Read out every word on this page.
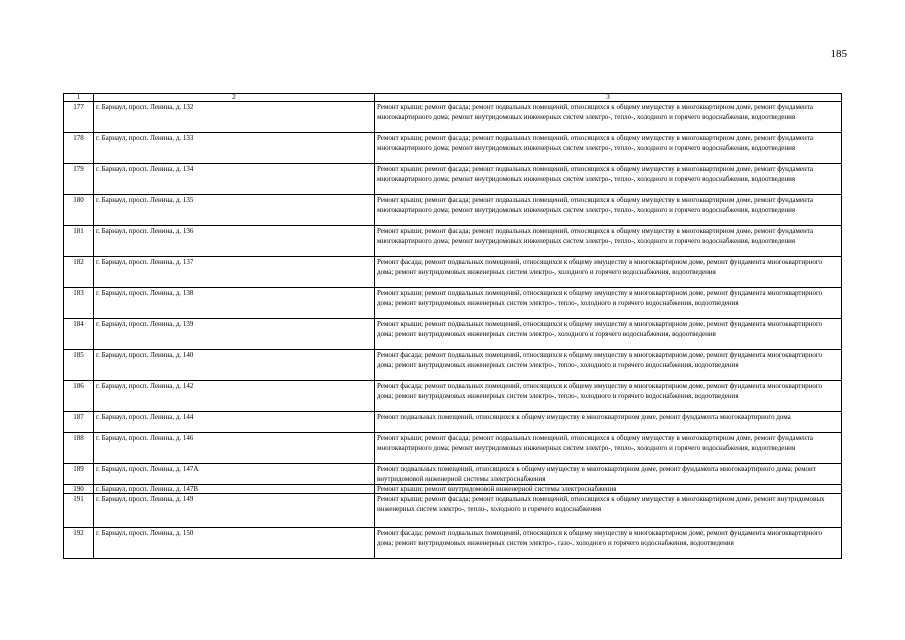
185
1	2	3
177	г. Барнаул, просп. Ленина, д. 132	Ремонт крыши; ремонт фасада; ремонт подвальных помещений, относящихся к общему имуществу в многоквартирном доме, ремонт фундамента многоквартирного дома; ремонт внутридомовых инженерных систем электро-, тепло-, холодного и горячего водоснабжения, водоотведения
178	г. Барнаул, просп. Ленина, д. 133	Ремонт крыши; ремонт фасада; ремонт подвальных помещений, относящихся к общему имуществу в многоквартирном доме, ремонт фундамента многоквартирного дома; ремонт внутридомовых инженерных систем электро-, тепло-, холодного и горячего водоснабжения, водоотведения
179	г. Барнаул, просп. Ленина, д. 134	Ремонт крыши; ремонт фасада; ремонт подвальных помещений, относящихся к общему имуществу в многоквартирном доме, ремонт фундамента многоквартирного дома; ремонт внутридомовых инженерных систем электро-, тепло-, холодного и горячего водоснабжения, водоотведения
180	г. Барнаул, просп. Ленина, д. 135	Ремонт крыши; ремонт фасада; ремонт подвальных помещений, относящихся к общему имуществу в многоквартирном доме, ремонт фундамента многоквартирного дома; ремонт внутридомовых инженерных систем электро-, тепло-, холодного и горячего водоснабжения, водоотведения
181	г. Барнаул, просп. Ленина, д. 136	Ремонт крыши; ремонт фасада; ремонт подвальных помещений, относящихся к общему имуществу в многоквартирном доме, ремонт фундамента многоквартирного дома; ремонт внутридомовых инженерных систем электро-, тепло-, холодного и горячего водоснабжения, водоотведения
182	г. Барнаул, просп. Ленина, д. 137	Ремонт фасада; ремонт подвальных помещений, относящихся к общему имуществу в многоквартирном доме, ремонт фундамента многоквартирного дома; ремонт внутридомовых инженерных систем электро-, холодного и горячего водоснабжения, водоотведения
183	г. Барнаул, просп. Ленина, д. 138	Ремонт крыши; ремонт подвальных помещений, относящихся к общему имуществу в многоквартирном доме, ремонт фундамента многоквартирного дома; ремонт внутридомовых инженерных систем электро-, тепло-, холодного и горячего водоснабжения, водоотведения
184	г. Барнаул, просп. Ленина, д. 139	Ремонт крыши; ремонт подвальных помещений, относящихся к общему имуществу в многоквартирном доме, ремонт фундамента многоквартирного дома; ремонт внутридомовых инженерных систем электро-, холодного и горячего водоснабжения, водоотведения
185	г. Барнаул, просп. Ленина, д. 140	Ремонт фасада; ремонт подвальных помещений, относящихся к общему имуществу в многоквартирном доме, ремонт фундамента многоквартирного дома; ремонт внутридомовых инженерных систем электро-, тепло-, холодного и горячего водоснабжения, водоотведения
186	г. Барнаул, просп. Ленина, д. 142	Ремонт фасада; ремонт подвальных помещений, относящихся к общему имуществу в многоквартирном доме, ремонт фундамента многоквартирного дома; ремонт внутридомовых инженерных систем электро-, тепло-, холодного и горячего водоснабжения, водоотведения
187	г. Барнаул, просп. Ленина, д. 144	Ремонт подвальных помещений, относящихся к общему имуществу в многоквартирном доме, ремонт фундамента многоквартирного дома
188	г. Барнаул, просп. Ленина, д. 146	Ремонт крыши; ремонт фасада; ремонт подвальных помещений, относящихся к общему имуществу в многоквартирном доме, ремонт фундамента многоквартирного дома; ремонт внутридомовых инженерных систем электро-, тепло-, холодного и горячего водоснабжения, водоотведения
189	г. Барнаул, просп. Ленина, д. 147А	Ремонт подвальных помещений, относящихся к общему имуществу в многоквартирном доме, ремонт фундамента многоквартирного дома; ремонт внутридомовой инженерной системы электроснабжения
190	г. Барнаул, просп. Ленина, д. 147В	Ремонт крыши; ремонт внутридомовой инженерной системы электроснабжения
191	г. Барнаул, просп. Ленина, д. 149	Ремонт крыши; ремонт фасада; ремонт подвальных помещений, относящихся к общему имуществу в многоквартирном доме, ремонт внутридомовых инженерных систем электро-, тепло-, холодного и горячего водоснабжения
192	г. Барнаул, просп. Ленина, д. 150	Ремонт фасада; ремонт подвальных помещений, относящихся к общему имуществу в многоквартирном доме, ремонт фундамента многоквартирного дома; ремонт внутридомовых инженерных систем электро-, газо-, холодного и горячего водоснабжения, водоотведения
